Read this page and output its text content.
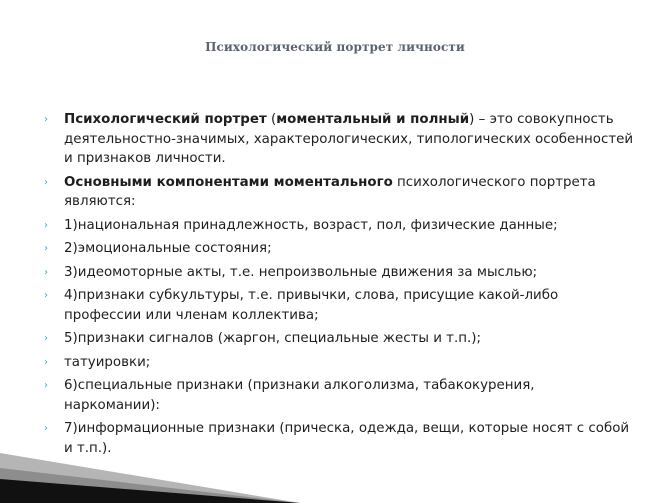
Психологический портрет личности
› Психологический портрет (моментальный и полный) – это совокупность деятельностно-значимых, характерологических, типологических особенностей и признаков личности.
› Основными компонентами моментального психологического портрета являются:
› 1)национальная принадлежность, возраст, пол, физические данные;
› 2)эмоциональные состояния;
› 3)идеомоторные акты, т.е. непроизвольные движения за мыслью;
› 4)признаки субкультуры, т.е. привычки, слова, присущие какой-либо профессии или членам коллектива;
› 5)признаки сигналов (жаргон, специальные жесты и т.п.);
› татуировки;
› 6)специальные признаки (признаки алкоголизма, табакокурения, наркомании):
› 7)информационные признаки (прическа, одежда, вещи, которые носят с собой и т.п.).
